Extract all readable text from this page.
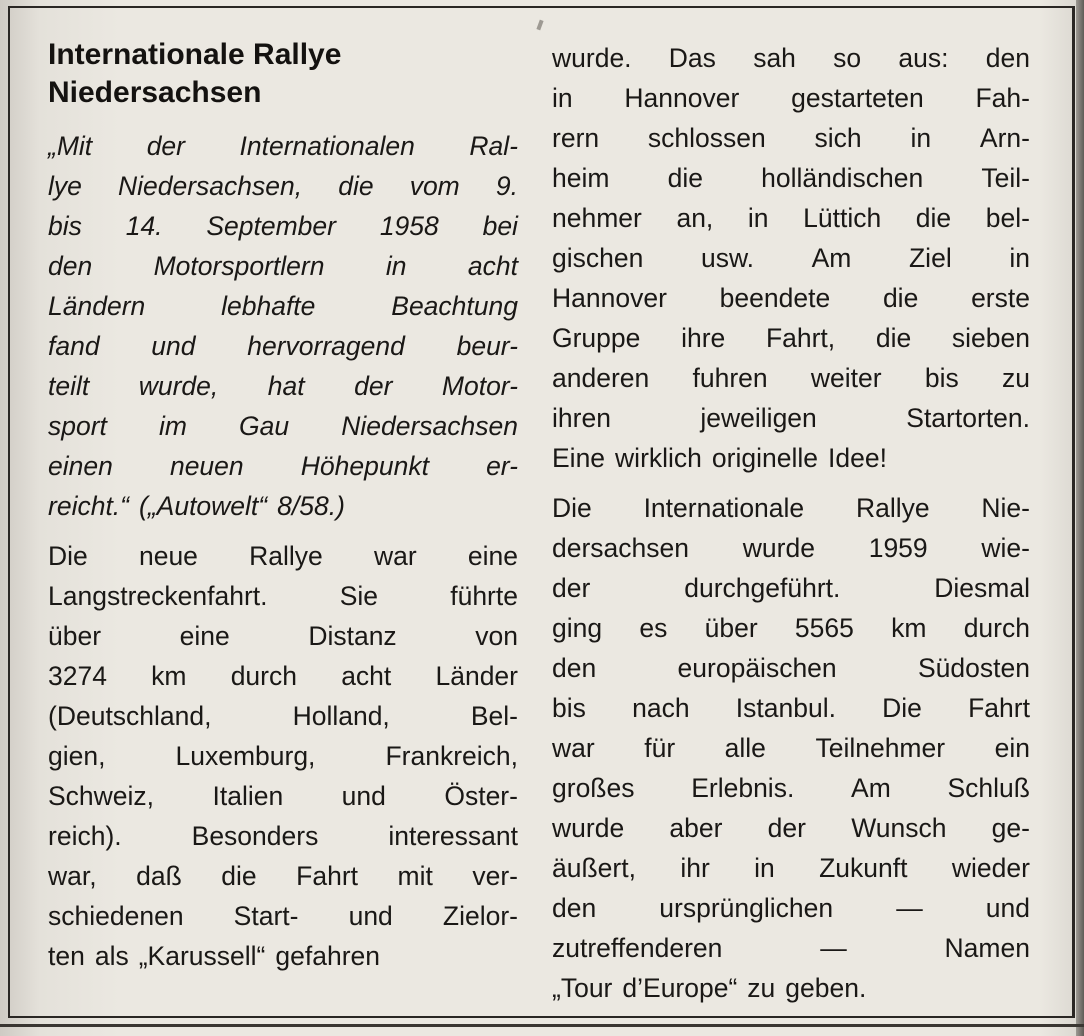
Internationale Rallye
Niedersachsen
„Mit der Internationalen Ral-
lye Niedersachsen, die vom 9.
bis 14. September 1958 bei
den Motorsportlern in acht
Ländern	lebhafte	Beachtung
fand und hervorragend beur-
teilt wurde, hat der Motor-
sport im Gau Niedersachsen
einen neuen Höhepunkt er-
reicht.“ („Autowelt“ 8/58.)
Die neue Rallye war eine
Langstreckenfahrt.	Sie	führte
über	eine	Distanz	von
3274 km durch acht Länder
(Deutschland,	Holland,	Bel-
gien,	Luxemburg,	Frankreich,
Schweiz, Italien und Öster-
reich).	Besonders	interessant
war, daß die Fahrt mit ver-
schiedenen Start- und Zielor-
ten als „Karussell“ gefahren
wurde. Das sah so aus: den
in Hannover gestarteten Fah-
rern schlossen sich in Arn-
heim die holländischen Teil-
nehmer an, in Lüttich die bel-
gischen usw. Am Ziel in
Hannover beendete die erste
Gruppe ihre Fahrt, die sieben
anderen fuhren weiter bis zu
ihren	jeweiligen	Startorten.
Eine wirklich originelle Idee!
Die Internationale Rallye Nie-
dersachsen wurde 1959 wie-
der	durchgeführt.	Diesmal
ging es über 5565 km durch
den	europäischen	Südosten
bis nach Istanbul. Die Fahrt
war für alle Teilnehmer ein
großes Erlebnis. Am Schluß
wurde aber der Wunsch ge-
äußert, ihr in Zukunft wieder
den ursprünglichen — und
zutreffenderen	—	Namen
„Tour d’Europe“ zu geben.
